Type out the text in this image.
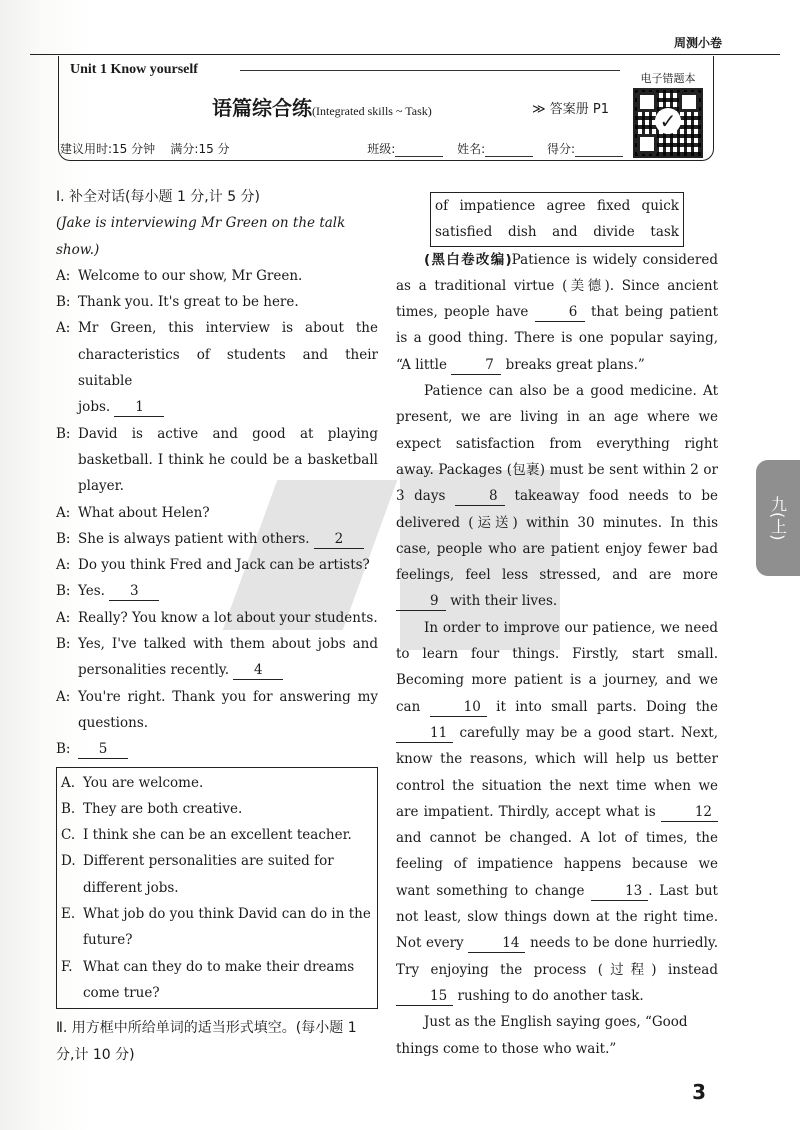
周测小卷
Unit 1 Know yourself
语篇综合练(Integrated skills ~ Task)	≫ 答案册 P1
建议用时:15 分钟 满分:15 分	班级:	姓名:	得分:
电子错题本
✓
Ⅰ. 补全对话(每小题 1 分,计 5 分)
(Jake is interviewing Mr Green on the talk show.)
A: Welcome to our show, Mr Green.
B: Thank you. It's great to be here.
A: Mr Green, this interview is about the
characteristics of students and their suitable
jobs. 1
B: David is active and good at playing
basketball. I think he could be a basketball
player.
A: What about Helen?
B: She is always patient with others. 2
A: Do you think Fred and Jack can be artists?
B: Yes. 3
A: Really? You know a lot about your students.
B: Yes, I've talked with them about jobs and
personalities recently. 4
A: You're right. Thank you for answering my
questions.
B:	5
A. You are welcome.
B. They are both creative.
C. I think she can be an excellent teacher.
D. Different personalities are suited for different jobs.
E. What job do you think David can do in the future?
F. What can they do to make their dreams come true?
Ⅱ. 用方框中所给单词的适当形式填空。(每小题 1 分,计 10 分)
of impatience agree fixed quick
satisfied dish and divide task
(黑白卷改编)Patience is widely considered as a traditional virtue (美德). Since ancient times, people have	6 that being patient is a good thing. There is one popular saying, “A little	7 breaks great plans.”
Patience can also be a good medicine. At present, we are living in an age where we expect satisfaction from everything right away. Packages (包裹) must be sent within 2 or 3 days	8 takeaway food needs to be delivered (运送) within 30 minutes. In this case, people who are patient enjoy fewer bad feelings, feel less stressed, and are more 9 with their lives.
In order to improve our patience, we need to learn four things. Firstly, start small. Becoming more patient is a journey, and we can	10 it into small parts. Doing the 11 carefully may be a good start. Next, know the reasons, which will help us better control the situation the next time when we are impatient. Thirdly, accept what is	12 and cannot be changed. A lot of times, the feeling of impatience happens because we want something to change	13 . Last but not least, slow things down at the right time. Not every	14 needs to be done hurriedly. Try enjoying the process (过程) instead 15 rushing to do another task.
Just as the English saying goes, “Good things come to those who wait.”
九(上)
3
